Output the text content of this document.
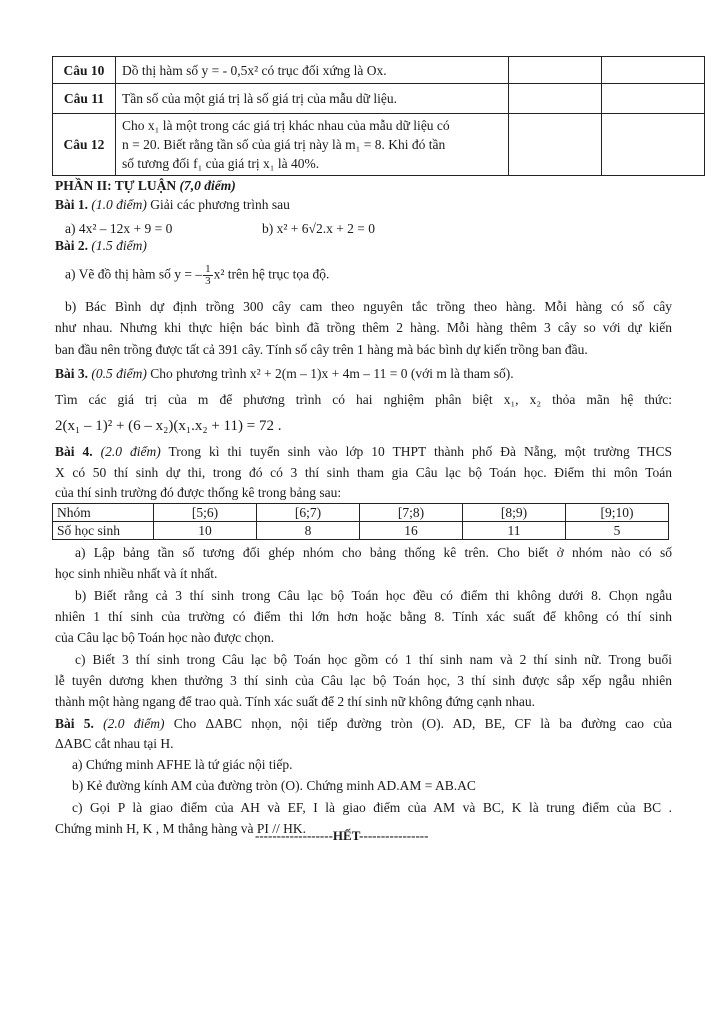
Câu 10	Dồ thị hàm số y = - 0,5x² có trục đối xứng là Ox.		
Câu 11	Tần số của một giá trị là số giá trị của mẫu dữ liệu.		
Câu 12	Cho x₁ là một trong các giá trị khác nhau của mẫu dữ liệu có
n = 20. Biết rằng tần số của giá trị này là m₁ = 8. Khi đó tần
số tương đối f₁ của giá trị x₁ là 40%.		

PHẦN II: TỰ LUẬN (7,0 điểm)
Bài 1. (1.0 điểm) Giải các phương trình sau
a) 4x² – 12x + 9 = 0	b) x² + 6√2.x + 2 = 0
Bài 2. (1.5 điểm)
a) Vẽ đồ thị hàm số y = – $\frac{1}{3} x^2$ trên hệ trục tọa độ.
b) Bác Bình dự định trồng 300 cây cam theo nguyên tắc trồng theo hàng. Mỗi hàng có số cây
như nhau. Nhưng khi thực hiện bác bình đã trồng thêm 2 hàng. Mỗi hàng thêm 3 cây so với dự kiến
ban đầu nên trồng được tất cả 391 cây. Tính số cây trên 1 hàng mà bác bình dự kiến trồng ban đầu.
Bài 3. (0.5 điểm) Cho phương trình x² + 2(m – 1)x + 4m – 11 = 0 (với m là tham số).
Tìm các giá trị của m để phương trình có hai nghiệm phân biệt x₁, x₂ thỏa mãn hệ thức:
2(x₁ – 1)² + (6 – x₂)(x₁.x₂ + 11) = 72 .
Bài 4. (2.0 điểm) Trong kì thi tuyển sinh vào lớp 10 THPT thành phố Đà Nẵng, một trường THCS
X có 50 thí sinh dự thi, trong đó có 3 thí sinh tham gia Câu lạc bộ Toán học. Điểm thi môn Toán
của thí sinh trường đó được thống kê trong bảng sau:
Nhóm	[5;6)	[6;7)	[7;8)	[8;9)	[9;10)
Số học sinh	10	8	16	11	5
a) Lập bảng tần số tương đối ghép nhóm cho bảng thống kê trên. Cho biết ở nhóm nào có số
học sinh nhiều nhất và ít nhất.
b) Biết rằng cả 3 thí sinh trong Câu lạc bộ Toán học đều có điểm thi không dưới 8. Chọn ngẫu
nhiên 1 thí sinh của trường có điểm thi lớn hơn hoặc bằng 8. Tính xác suất để không có thí sinh
của Câu lạc bộ Toán học nào được chọn.
c) Biết 3 thí sinh trong Câu lạc bộ Toán học gồm có 1 thí sinh nam và 2 thí sinh nữ. Trong buổi
lễ tuyên dương khen thưởng 3 thí sinh của Câu lạc bộ Toán học, 3 thí sinh được sắp xếp ngẫu nhiên
thành một hàng ngang để trao quà. Tính xác suất để 2 thí sinh nữ không đứng cạnh nhau.
Bài 5. (2.0 điểm) Cho ΔABC nhọn, nội tiếp đường tròn (O). AD, BE, CF là ba đường cao của
ΔABC cắt nhau tại H.
a) Chứng minh AFHE là tứ giác nội tiếp.
b) Kẻ đường kính AM của đường tròn (O). Chứng minh AD.AM = AB.AC
c) Gọi P là giao điểm của AH và EF, I là giao điểm của AM và BC, K là trung điểm của BC .
Chứng minh H, K , M thẳng hàng và PI // HK.
------------------HẾT----------------
